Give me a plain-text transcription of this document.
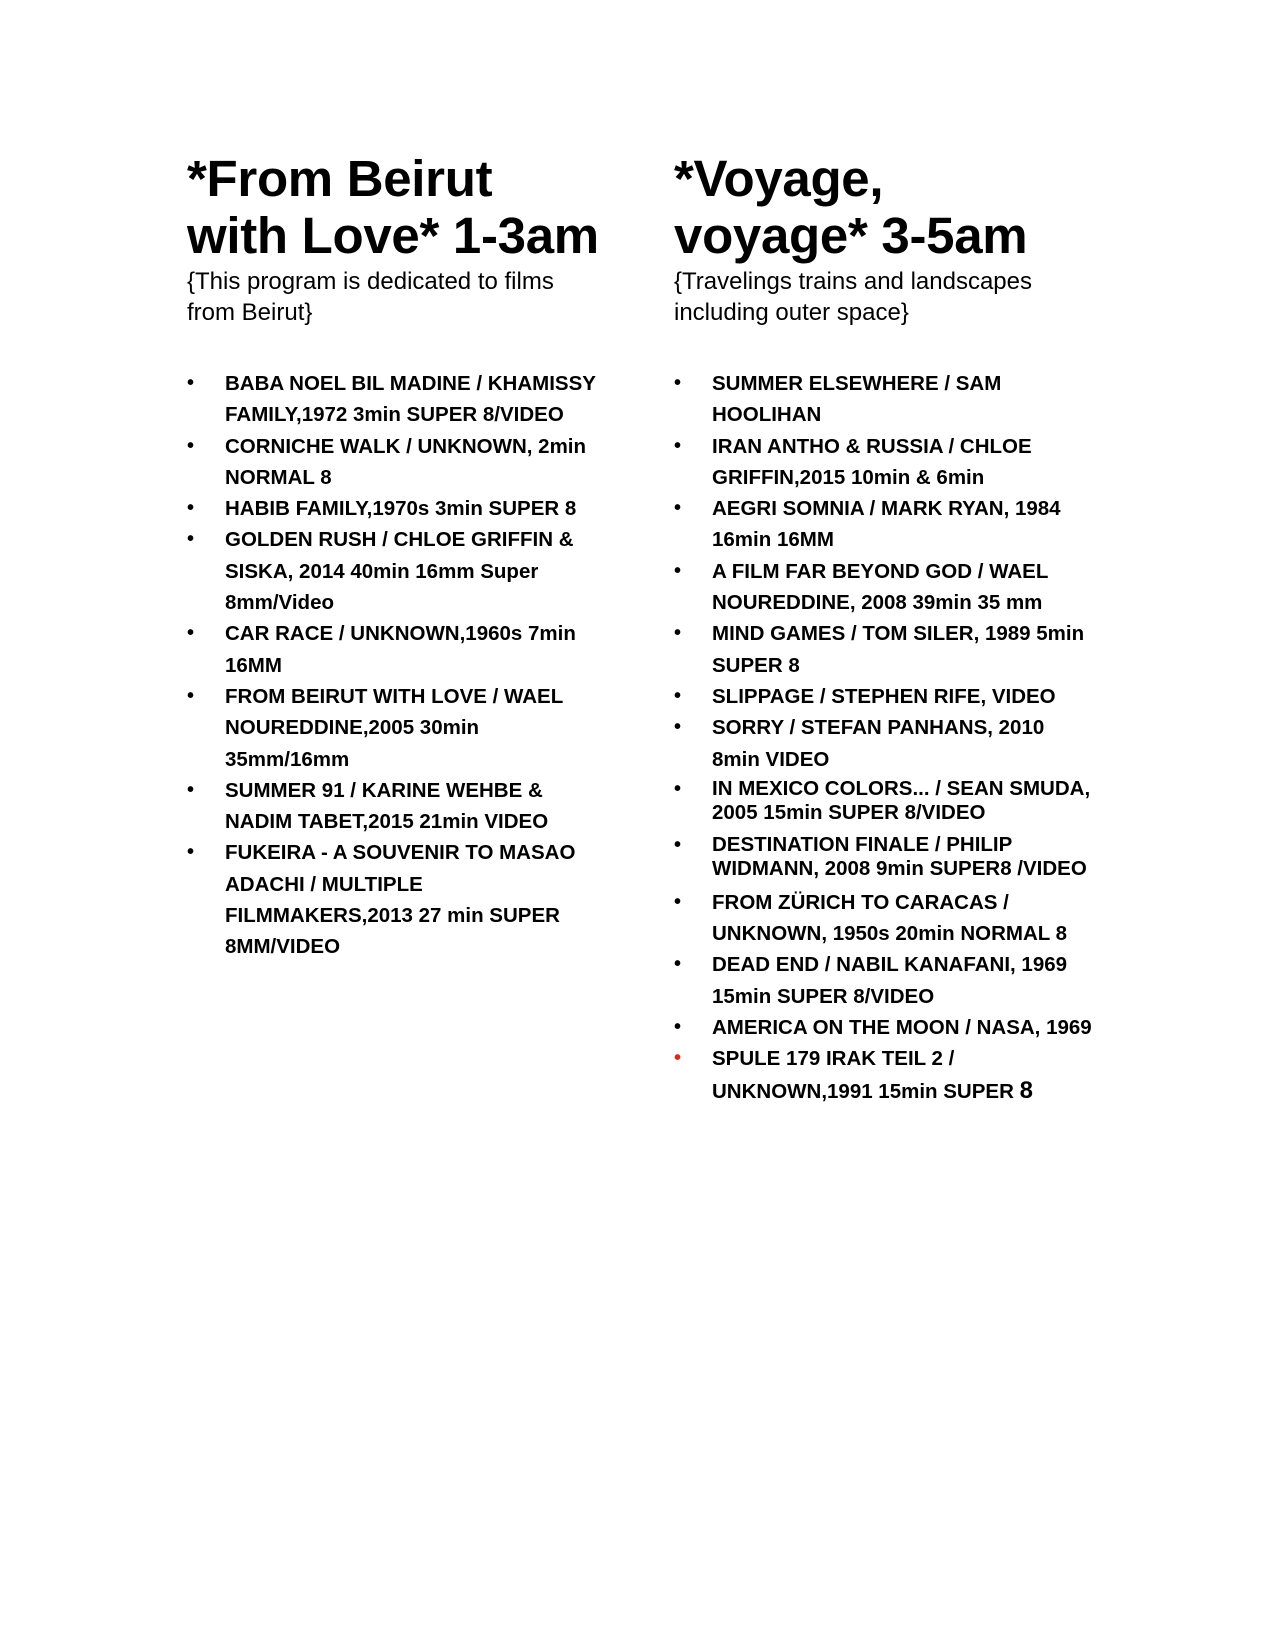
*From Beirut
with Love* 1-3am

{This program is dedicated to films
from Beirut}

• BABA NOEL BIL MADINE / KHAMISSY FAMILY,1972 3min SUPER 8/VIDEO
• CORNICHE WALK / UNKNOWN, 2min NORMAL 8
• HABIB FAMILY,1970s 3min SUPER 8
• GOLDEN RUSH / CHLOE GRIFFIN & SISKA, 2014 40min 16mm Super 8mm/Video
• CAR RACE / UNKNOWN,1960s 7min 16MM
• FROM BEIRUT WITH LOVE / WAEL NOUREDDINE,2005 30min 35mm/16mm
• SUMMER 91 / KARINE WEHBE & NADIM TABET,2015 21min VIDEO
• FUKEIRA - A SOUVENIR TO MASAO ADACHI / MULTIPLE FILMMAKERS,2013 27 min SUPER 8MM/VIDEO
*Voyage,
voyage* 3-5am

{Travelings trains and landscapes
including outer space}

• SUMMER ELSEWHERE / SAM HOOLIHAN
• IRAN ANTHO & RUSSIA / CHLOE GRIFFIN,2015 10min & 6min
• AEGRI SOMNIA / MARK RYAN, 1984 16min 16MM
• A FILM FAR BEYOND GOD / WAEL NOUREDDINE, 2008 39min 35 mm
• MIND GAMES / TOM SILER, 1989 5min SUPER 8
• SLIPPAGE / STEPHEN RIFE, VIDEO
• SORRY / STEFAN PANHANS, 2010 8min VIDEO
• IN MEXICO COLORS... / SEAN SMUDA, 2005 15min SUPER 8/VIDEO
• DESTINATION FINALE / PHILIP WIDMANN, 2008 9min SUPER8 /VIDEO
• FROM ZÜRICH TO CARACAS / UNKNOWN, 1950s 20min NORMAL 8
• DEAD END / NABIL KANAFANI, 1969 15min SUPER 8/VIDEO
• AMERICA ON THE MOON / NASA, 1969
• SPULE 179 IRAK TEIL 2 / UNKNOWN,1991 15min SUPER 8
